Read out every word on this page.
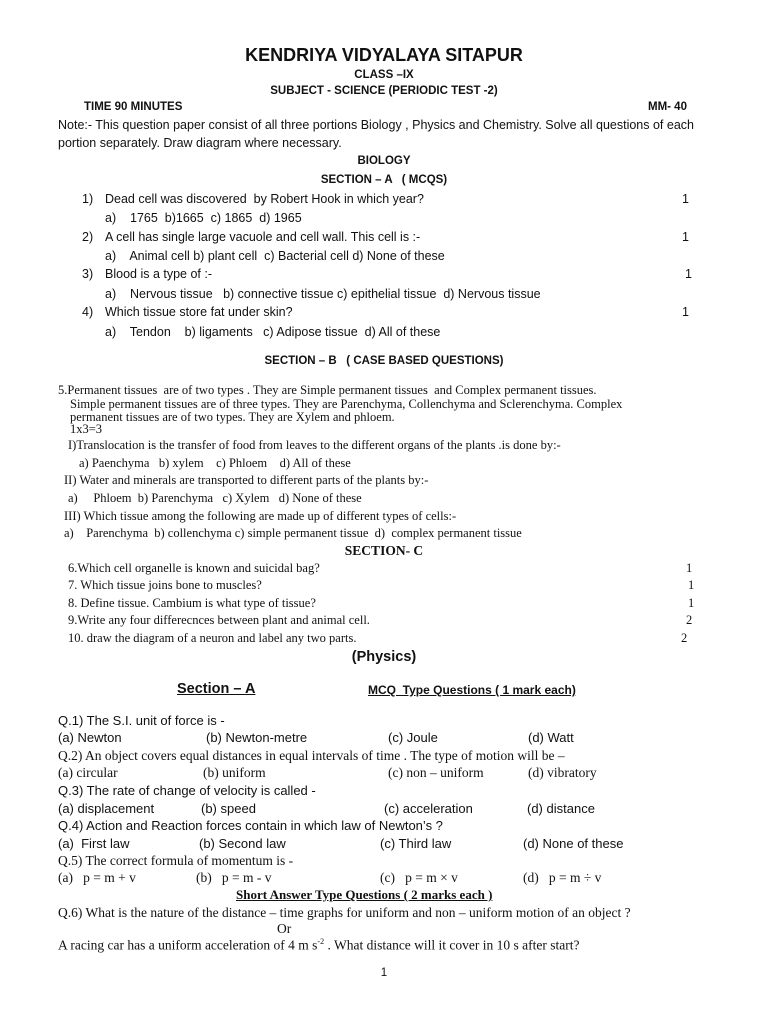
KENDRIYA VIDYALAYA SITAPUR
CLASS –IX
SUBJECT - SCIENCE (PERIODIC TEST -2)
TIME 90 MINUTES	MM- 40
Note:- This question paper consist of all three portions Biology , Physics and Chemistry. Solve all questions of each
portion separately. Draw diagram where necessary.
BIOLOGY
SECTION – A   ( MCQS)
1) Dead cell was discovered  by Robert Hook in which year?	1
a)    1765  b)1665  c) 1865  d) 1965
2) A cell has single large vacuole and cell wall. This cell is :-	1
a)    Animal cell b) plant cell  c) Bacterial cell d) None of these
3) Blood is a type of :-	1
a)    Nervous tissue   b) connective tissue c) epithelial tissue  d) Nervous tissue
4) Which tissue store fat under skin?	1
a)    Tendon    b) ligaments   c) Adipose tissue  d) All of these
SECTION – B   ( CASE BASED QUESTIONS)
5.Permanent tissues  are of two types . They are Simple permanent tissues  and Complex permanent tissues.
Simple permanent tissues are of three types. They are Parenchyma, Collenchyma and Sclerenchyma. Complex
permanent tissues are of two types. They are Xylem and phloem.
1x3=3
I)Translocation is the transfer of food from leaves to the different organs of the plants .is done by:-
a) Paenchyma   b) xylem    c) Phloem    d) All of these
II) Water and minerals are transported to different parts of the plants by:-
a)     Phloem  b) Parenchyma   c) Xylem   d) None of these
III) Which tissue among the following are made up of different types of cells:-
a)    Parenchyma  b) collenchyma c) simple permanent tissue  d)  complex permanent tissue
SECTION- C
6.Which cell organelle is known and suicidal bag?	1
7. Which tissue joins bone to muscles?	1
8. Define tissue. Cambium is what type of tissue?	1
9.Write any four differecnces between plant and animal cell.	2
10. draw the diagram of a neuron and label any two parts.	2
(Physics)
Section – A	MCQ  Type Questions ( 1 mark each)
Q.1) The S.I. unit of force is -
(a) Newton	(b) Newton-metre	(c) Joule	(d) Watt
Q.2) An object covers equal distances in equal intervals of time . The type of motion will be –
(a) circular	(b) uniform	(c) non – uniform	(d) vibratory
Q.3) The rate of change of velocity is called -
(a) displacement	(b) speed	(c) acceleration	(d) distance
Q.4) Action and Reaction forces contain in which law of Newton’s ?
(a)  First law	(b) Second law	(c) Third law	(d) None of these
Q.5) The correct formula of momentum is -
(a)   p = m + v	(b)   p = m - v	(c)   p = m × v	(d)   p = m ÷ v
Short Answer Type Questions ( 2 marks each )
Q.6) What is the nature of the distance – time graphs for uniform and non – uniform motion of an object ?
Or
A racing car has a uniform acceleration of 4 m $s^{-2}$ . What distance will it cover in 10 s after start?
1
